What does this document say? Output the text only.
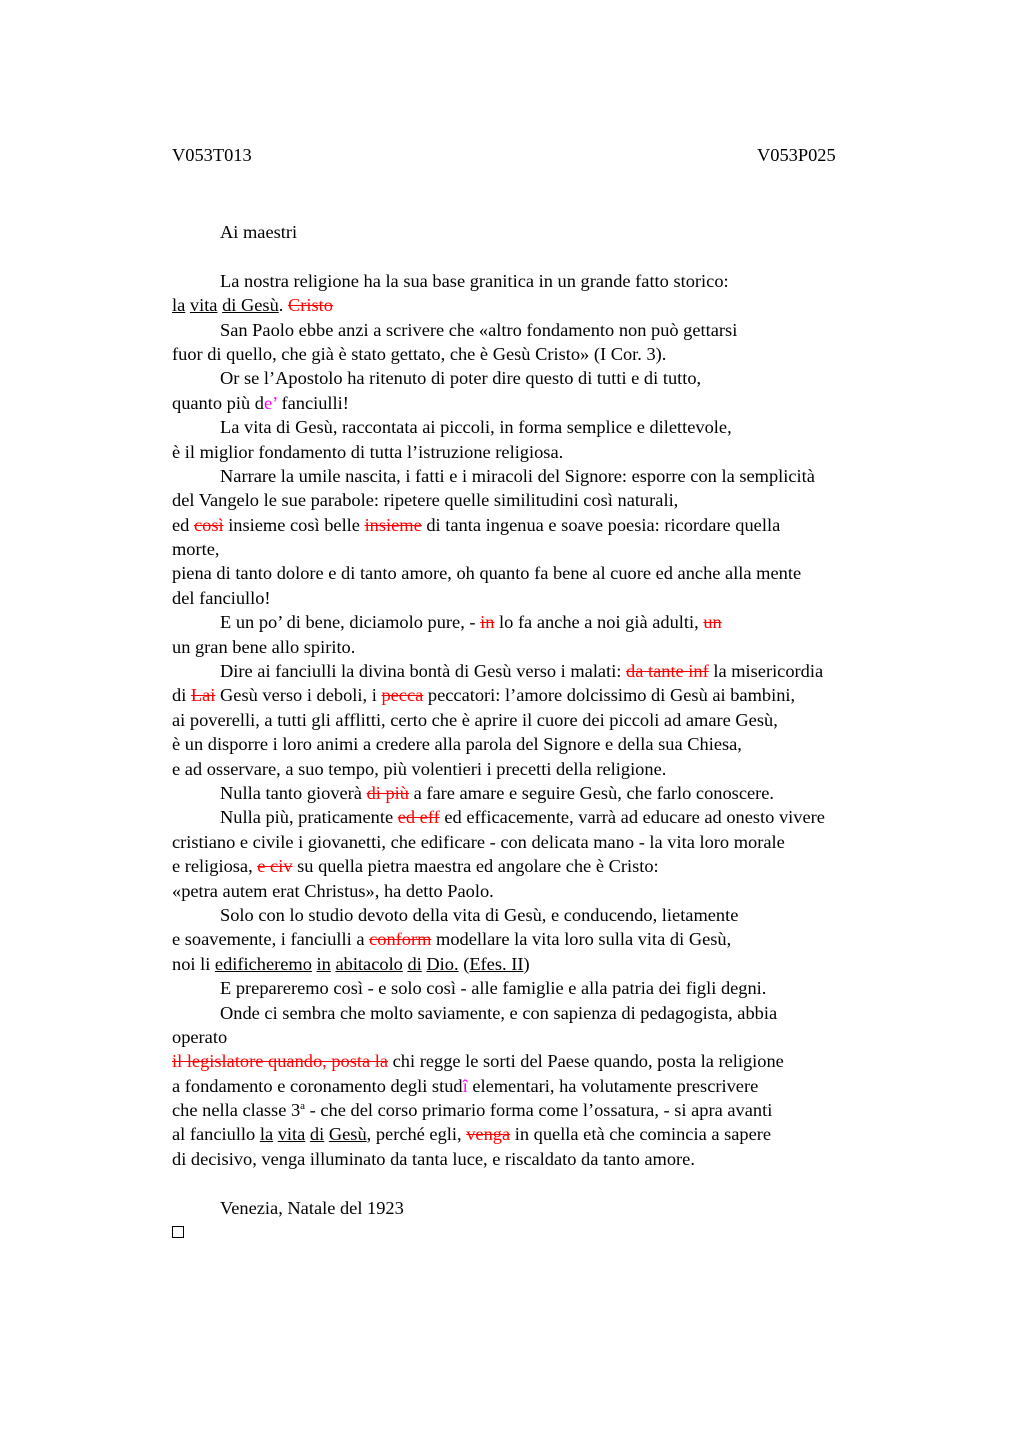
V053T013	V053P025
Ai maestri
La nostra religione ha la sua base granitica in un grande fatto storico:
la vita di Gesù. Cristo
San Paolo ebbe anzi a scrivere che «altro fondamento non può gettarsi
fuor di quello, che già è stato gettato, che è Gesù Cristo» (I Cor. 3).
Or se l’Apostolo ha ritenuto di poter dire questo di tutti e di tutto,
quanto più de’ fanciulli!
La vita di Gesù, raccontata ai piccoli, in forma semplice e dilettevole,
è il miglior fondamento di tutta l’istruzione religiosa.
Narrare la umile nascita, i fatti e i miracoli del Signore: esporre con la semplicità
del Vangelo le sue parabole: ripetere quelle similitudini così naturali,
ed così insieme così belle insieme di tanta ingenua e soave poesia: ricordare quella
morte,
piena di tanto dolore e di tanto amore, oh quanto fa bene al cuore ed anche alla mente
del fanciullo!
E un po’ di bene, diciamolo pure, - in lo fa anche a noi già adulti, un
un gran bene allo spirito.
Dire ai fanciulli la divina bontà di Gesù verso i malati: da tante inf la misericordia
di Lai Gesù verso i deboli, i pecca peccatori: l’amore dolcissimo di Gesù ai bambini,
ai poverelli, a tutti gli afflitti, certo che è aprire il cuore dei piccoli ad amare Gesù,
è un disporre i loro animi a credere alla parola del Signore e della sua Chiesa,
e ad osservare, a suo tempo, più volentieri i precetti della religione.
Nulla tanto gioverà di più a fare amare e seguire Gesù, che farlo conoscere.
Nulla più, praticamente ed eff ed efficacemente, varrà ad educare ad onesto vivere
cristiano e civile i giovanetti, che edificare - con delicata mano - la vita loro morale
e religiosa, e civ su quella pietra maestra ed angolare che è Cristo:
«petra autem erat Christus», ha detto Paolo.
Solo con lo studio devoto della vita di Gesù, e conducendo, lietamente
e soavemente, i fanciulli a conform modellare la vita loro sulla vita di Gesù,
noi li edificheremo in abitacolo di Dio. (Efes. II)
E prepareremo così - e solo così - alle famiglie e alla patria dei figli degni.
Onde ci sembra che molto saviamente, e con sapienza di pedagogista, abbia
operato
il legislatore quando, posta la chi regge le sorti del Paese quando, posta la religione
a fondamento e coronamento degli studî elementari, ha volutamente prescrivere
che nella classe 3$^a$ - che del corso primario forma come l’ossatura, - si apra avanti
al fanciullo la vita di Gesù, perché egli, venga in quella età che comincia a sapere
di decisivo, venga illuminato da tanta luce, e riscaldato da tanto amore.
Venezia, Natale del 1923
